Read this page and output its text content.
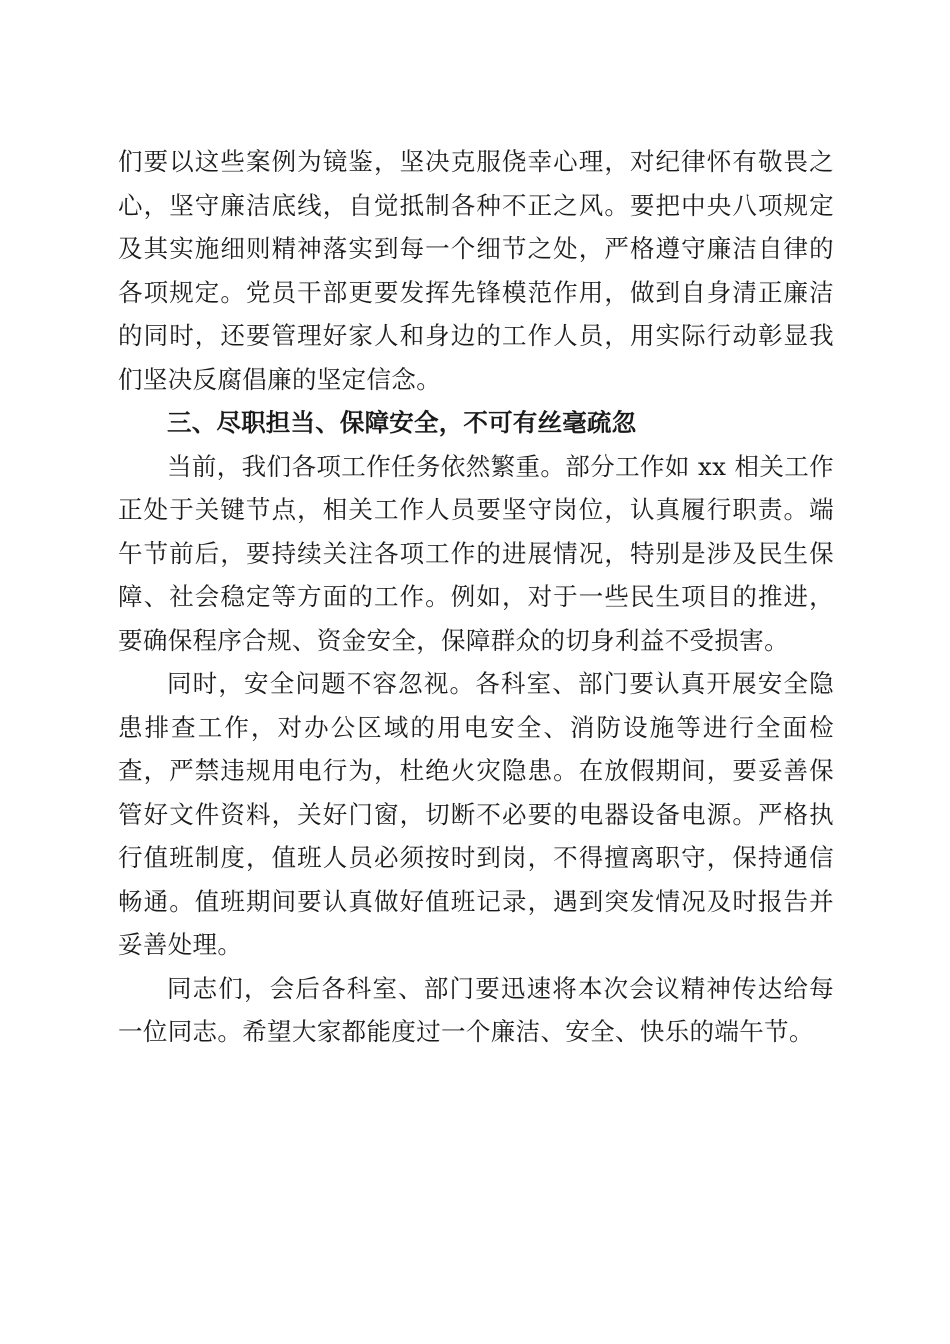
们要以这些案例为镜鉴，坚决克服侥幸心理，对纪律怀有敬畏之心，坚守廉洁底线，自觉抵制各种不正之风。要把中央八项规定及其实施细则精神落实到每一个细节之处，严格遵守廉洁自律的各项规定。党员干部更要发挥先锋模范作用，做到自身清正廉洁的同时，还要管理好家人和身边的工作人员，用实际行动彰显我们坚决反腐倡廉的坚定信念。

三、尽职担当、保障安全，不可有丝毫疏忽

当前，我们各项工作任务依然繁重。部分工作如 xx 相关工作正处于关键节点，相关工作人员要坚守岗位，认真履行职责。端午节前后，要持续关注各项工作的进展情况，特别是涉及民生保障、社会稳定等方面的工作。例如，对于一些民生项目的推进，要确保程序合规、资金安全，保障群众的切身利益不受损害。

同时，安全问题不容忽视。各科室、部门要认真开展安全隐患排查工作，对办公区域的用电安全、消防设施等进行全面检查，严禁违规用电行为，杜绝火灾隐患。在放假期间，要妥善保管好文件资料，关好门窗，切断不必要的电器设备电源。严格执行值班制度，值班人员必须按时到岗，不得擅离职守，保持通信畅通。值班期间要认真做好值班记录，遇到突发情况及时报告并妥善处理。

同志们，会后各科室、部门要迅速将本次会议精神传达给每一位同志。希望大家都能度过一个廉洁、安全、快乐的端午节。
